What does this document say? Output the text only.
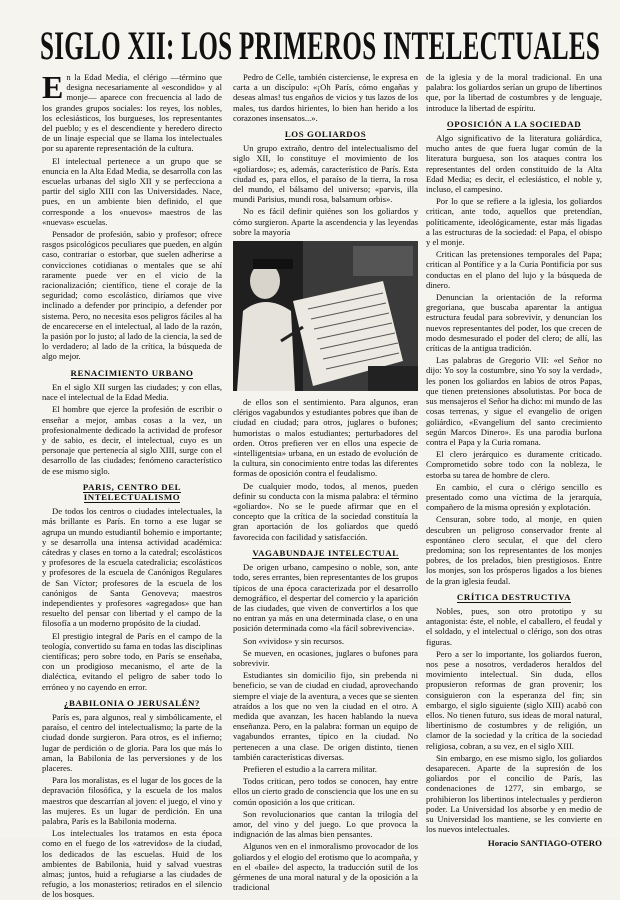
SIGLO XII: LOS PRIMEROS INTELECTUALES

En la Edad Media, el clérigo —término que designa necesariamente al «escondido» y al monje— aparece con frecuencia al lado de los grandes grupos sociales: los reyes, los nobles, los eclesiásticos, los burgueses, los representantes del pueblo; y es el descendiente y heredero directo de un linaje especial que se llama los intelectuales por su aparente representación de la cultura.

El intelectual pertenece a un grupo que se enuncia en la Alta Edad Media, se desarrolla con las escuelas urbanas del siglo XII y se perfecciona a partir del siglo XIII con las Universidades. Nace, pues, en un ambiente bien definido, el que corresponde a los «nuevos» maestros de las «nuevas» escuelas.

Pensador de profesión, sabio y profesor; ofrece rasgos psicológicos peculiares que pueden, en algún caso, contrariar o estorbar, que suelen adherirse a convicciones cotidianas o mentales que se ahí raramente puede ver en el vicio de la racionalización; científico, tiene el coraje de la seguridad; como escolástico, diríamos que vive inclinado a defender por principio, a defender por sistema. Pero, no necesita esos peligros fáciles al ha de encarecerse en el intelectual, al lado de la razón, la pasión por lo justo; al lado de la ciencia, la sed de lo verdadero; al lado de la crítica, la búsqueda de algo mejor.

RENACIMIENTO URBANO

En el siglo XII surgen las ciudades; y con ellas, nace el intelectual de la Edad Media.

El hombre que ejerce la profesión de escribir o enseñar a mejor, ambas cosas a la vez, un profesionalmente dedicado la actividad de profesor y de sabio, es decir, el intelectual, cuyo es un personaje que pertenecía al siglo XIII, surge con el desarrollo de las ciudades; fenómeno característico de ese mismo siglo.

PARIS, CENTRO DEL INTELECTUALISMO

De todos los centros o ciudades intelectuales, la más brillante es París. En torno a ese lugar se agrupa un mundo estudiantil bohemio e importante; y se desarrolla una intensa actividad académica: cátedras y clases en torno a la catedral; escolásticos y profesores de la escuela catedralicia; escolásticos y profesores de la escuela de Canónigos Regulares de San Víctor; profesores de la escuela de los canónigos de Santa Genoveva; maestros independientes y profesores «agregados» que han resuelto del pensar con libertad y el campo de la filosofía a un moderno propósito de la ciudad.

El prestigio integral de París en el campo de la teología, convertido su fama en todas las disciplinas científicas; pero sobre todo, en París se enseñaba, con un prodigioso mecanismo, el arte de la dialéctica, evitando el peligro de saber todo lo erróneo y no cayendo en error.

¿BABILONIA O JERUSALÉN?

París es, para algunos, real y simbólicamente, el paraíso, el centro del intelectualismo; la parte de la ciudad donde surgieron. Para otros, es el infierno; lugar de perdición o de gloria. Para los que más lo aman, la Babilonia de las perversiones y de los placeres.

Para los moralistas, es el lugar de los goces de la depravación filosófica, y la escuela de los malos maestros que descarrían al joven: el juego, el vino y las mujeres. Es un lugar de perdición. En una palabra, París es la Babilonia moderna.

Los intelectuales los tratamos en esta época como en el fuego de los «atrevidos» de la ciudad, los dedicados de las escuelas. Huid de los ambientes de Babilonia, huid y salvad vuestras almas; juntos, huid a refugiarse a las ciudades de refugio, a los monasterios; retirados en el silencio de los bosques.

Pedro de Celle, también cisterciense, le expresa en carta a un discípulo: «¡Oh París, cómo engañas y deseas almas! tus engaños de vicios y tus lazos de los males, tus dardos hirientes, lo bien han herido a los corazones insensatos...».

LOS GOLIARDOS

Un grupo extraño, dentro del intelectualismo del siglo XII, lo constituye el movimiento de los «goliardos»; es, además, característico de París. Esta ciudad es, para ellos, el paraíso de la tierra, la rosa del mundo, el bálsamo del universo; «parvis, illa mundi Parisius, mundi rosa, balsamum orbis».

No es fácil definir quiénes son los goliardos y cómo surgieron. Aparte la ascendencia y las leyendas sobre la mayoría

de ellos son el sentimiento. Para algunos, eran clérigos vagabundos y estudiantes pobres que iban de ciudad en ciudad; para otros, juglares o bufones; humoristas o malos estudiantes; perturbadores del orden. Otros prefieren ver en ellos una especie de «intelligentsia» urbana, en un estado de evolución de la cultura, sin conocimiento entre todas las diferentes formas de oposición contra el feudalismo.

De cualquier modo, todos, al menos, pueden definir su conducta con la misma palabra: el término «goliardo». No se le puede afirmar que en el concepto que la crítica de la sociedad constituía la gran aportación de los goliardos que quedó favorecida con facilidad y satisfacción.

VAGABUNDAJE INTELECTUAL

De origen urbano, campesino o noble, son, ante todo, seres errantes, bien representantes de los grupos típicos de una época caracterizada por el desarrollo demográfico, el despertar del comercio y la aparición de las ciudades, que viven de convertirlos a los que no entran ya más en una determinada clase, o en una posición determinada como «la fácil sobrevivencia».

Son «vividos» y sin recursos.

Se mueven, en ocasiones, juglares o bufones para sobrevivir.

Estudiantes sin domicilio fijo, sin prebenda ni beneficio, se van de ciudad en ciudad, aprovechando siempre el viaje de la aventura, a veces que se sienten atraídos a los que no ven la ciudad en el otro. A medida que avanzan, les hacen hablando la nueva enseñanza. Pero, en la palabra: forman un equipo de vagabundos errantes, típico en la ciudad. No pertenecen a una clase. De origen distinto, tienen también características diversas.

Prefieren el estudio a la carrera militar.

Todos critican, pero todos se conocen, hay entre ellos un cierto grado de consciencia que los une en su común oposición a los que critican.

Son revolucionarios que cantan la trilogía del amor, del vino y del juego. Lo que provoca la indignación de las almas bien pensantes.

Algunos ven en el inmoralismo provocador de los goliardos y el elogio del erotismo que lo acompaña, y en el «baile» del aspecto, la traducción sutil de los gérmenes de una moral natural y de la oposición a la tradicional

de la iglesia y de la moral tradicional. En una palabra: los goliardos serían un grupo de libertinos que, por la libertad de costumbres y de lenguaje, introduce la libertad de espíritu.

OPOSICIÓN A LA SOCIEDAD

Algo significativo de la literatura goliárdica, mucho antes de que fuera lugar común de la literatura burguesa, son los ataques contra los representantes del orden constituido de la Alta Edad Media; es decir, el eclesiástico, el noble y, incluso, el campesino.

Por lo que se refiere a la iglesia, los goliardos critican, ante todo, aquellos que pretendían, políticamente, ideológicamente, estar más ligadas a las estructuras de la sociedad: el Papa, el obispo y el monje.

Critican las pretensiones temporales del Papa; critican al Pontífice y a la Curia Pontificia por sus conductas en el plano del lujo y la búsqueda de dinero.

Denuncian la orientación de la reforma gregoriana, que buscaba aparentar la antigua estructura feudal para sobrevivir, y denuncian los nuevos representantes del poder, los que crecen de modo desmesurado el poder del clero; de allí, las críticas de la antigua tradición.

Las palabras de Gregorio VII: «el Señor no dijo: Yo soy la costumbre, sino Yo soy la verdad», les ponen los goliardos en labios de otros Papas, que tienen pretensiones absolutistas. Por boca de sus mensajeros el Señor ha dicho: mi mundo de las cosas terrenas, y sigue el evangelio de origen goliárdico, «Evangelium del santo crecimiento según Marcos Dinero». Es una parodia burlona contra el Papa y la Curia romana.

El clero jerárquico es duramente criticado. Comprometido sobre todo con la nobleza, le estorba su tarea de hombre de clero.

En cambio, el cura o clérigo sencillo es presentado como una víctima de la jerarquía, compañero de la misma opresión y explotación.

Censuran, sobre todo, al monje, en quien descubren un peligroso conservador frente al espontáneo clero secular, el que del clero predomina; son los representantes de los monjes pobres, de los prelados, bien prestigiosos. Entre los monjes, son los prósperos ligados a los bienes de la gran iglesia feudal.

CRÍTICA DESTRUCTIVA

Nobles, pues, son otro prototipo y su antagonista: éste, el noble, el caballero, el feudal y el soldado, y el intelectual o clérigo, son dos otras figuras.

Pero a ser lo importante, los goliardos fueron, nos pese a nosotros, verdaderos heraldos del movimiento intelectual. Sin duda, ellos propusieron reformas de gran provenir; los consiguieron con la esperanza del fin; sin embargo, el siglo siguiente (siglo XIII) acabó con ellos. No tienen futuro, sus ideas de moral natural, libertinismo de costumbres y de religión, un clamor de la sociedad y la crítica de la sociedad religiosa, cobran, a su vez, en el siglo XIII.

Sin embargo, en ese mismo siglo, los goliardos desaparecen. Aparte de la supresión de los goliardos por el concilio de París, las condenaciones de 1277, sin embargo, se prohibieron los libertinos intelectuales y perdieron poder. La Universidad los absorbe y en medio de su Universidad los mantiene, se les convierte en los nuevos intelectuales.

Horacio SANTIAGO-OTERO
